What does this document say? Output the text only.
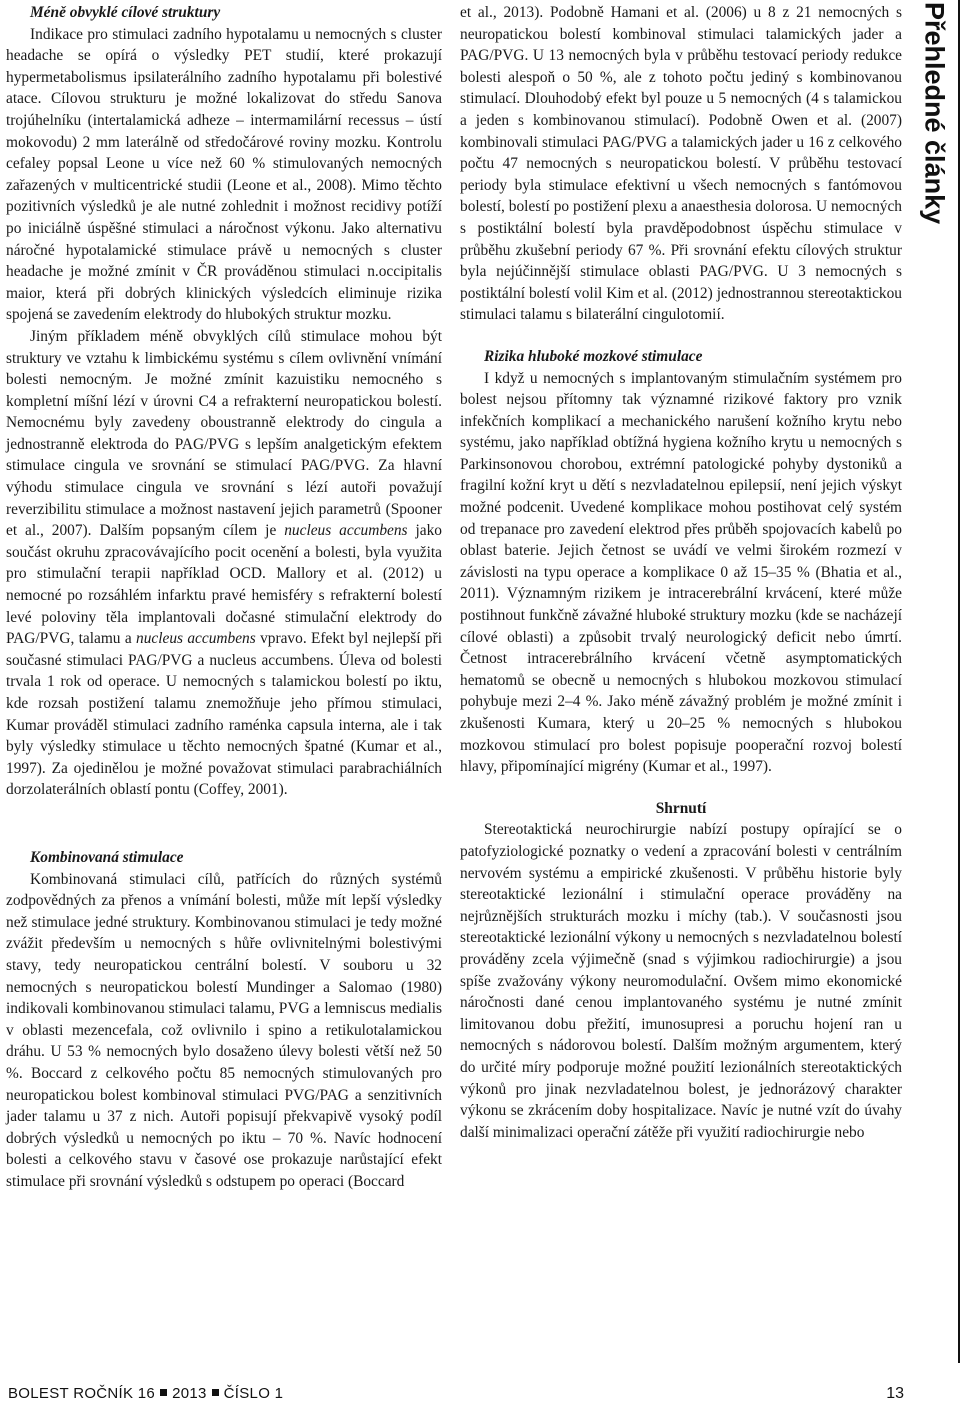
Méně obvyklé cílové struktury

Indikace pro stimulaci zadního hypotalamu u nemocných s cluster headache se opírá o výsledky PET studií, které prokazují hypermetabolismus ipsilaterálního zadního hypotalamu při bolestivé atace. Cílovou strukturu je možné lokalizovat do středu Sanova trojúhelníku (intertalamická adheze – intermamilární recessus – ústí mokovodu) 2 mm laterálně od středočárové roviny mozku. Kontrolu cefaley popsal Leone u více než 60 % stimulovaných nemocných zařazených v multicentrické studii (Leone et al., 2008). Mimo těchto pozitivních výsledků je ale nutné zohlednit i možnost recidivy potíží po iniciálně úspěšné stimulaci a náročnost výkonu. Jako alternativu náročné hypotalamické stimulace právě u nemocných s cluster headache je možné zmínit v ČR prováděnou stimulaci n.occipitalis maior, která při dobrých klinických výsledcích eliminuje rizika spojená se zavedením elektrody do hlubokých struktur mozku.

Jiným příkladem méně obvyklých cílů stimulace mohou být struktury ve vztahu k limbickému systému s cílem ovlivnění vnímání bolesti nemocným. Je možné zmínit kazuistiku nemocného s kompletní míšní lézí v úrovni C4 a refrakterní neuropatickou bolestí. Nemocnému byly zavedeny oboustranně elektrody do cingula a jednostranně elektroda do PAG/PVG s lepším analgetickým efektem stimulace cingula ve srovnání se stimulací PAG/PVG. Za hlavní výhodu stimulace cingula ve srovnání s lézí autoři považují reverzibilitu stimulace a možnost nastavení jejich parametrů (Spooner et al., 2007). Dalším popsaným cílem je nucleus accumbens jako součást okruhu zpracovávajícího pocit ocenění a bolesti, byla využita pro stimulační terapii například OCD. Mallory et al. (2012) u nemocné po rozsáhlém infarktu pravé hemisféry s refrakterní bolestí levé poloviny těla implantovali dočasné stimulační elektrody do PAG/PVG, talamu a nucleus accumbens vpravo. Efekt byl nejlepší při současné stimulaci PAG/PVG a nucleus accumbens. Úleva od bolesti trvala 1 rok od operace. U nemocných s talamickou bolestí po iktu, kde rozsah postižení talamu znemožňuje jeho přímou stimulaci, Kumar prováděl stimulaci zadního raménka capsula interna, ale i tak byly výsledky stimulace u těchto nemocných špatné (Kumar et al., 1997). Za ojedinělou je možné považovat stimulaci parabrachiálních dorzolaterálních oblastí pontu (Coffey, 2001).

Kombinovaná stimulace

Kombinovaná stimulaci cílů, patřících do různých systémů zodpovědných za přenos a vnímání bolesti, může mít lepší výsledky než stimulace jedné struktury. Kombinovanou stimulaci je tedy možné zvážit především u nemocných s hůře ovlivnitelnými bolestivými stavy, tedy neuropatickou centrální bolestí. V souboru u 32 nemocných s neuropatickou bolestí Mundinger a Salomao (1980) indikovali kombinovanou stimulaci talamu, PVG a lemniscus medialis v oblasti mezencefala, což ovlivnilo i spino a retikulotalamickou dráhu. U 53 % nemocných bylo dosaženo úlevy bolesti větší než 50 %. Boccard z celkového počtu 85 nemocných stimulovaných pro neuropatickou bolest kombinoval stimulaci PVG/PAG a senzitivních jader talamu u 37 z nich. Autoři popisují překvapivě vysoký podíl dobrých výsledků u nemocných po iktu – 70 %. Navíc hodnocení bolesti a celkového stavu v časové ose prokazuje narůstající efekt stimulace při srovnání výsledků s odstupem po operaci (Boccard

et al., 2013). Podobně Hamani et al. (2006) u 8 z 21 nemocných s neuropatickou bolestí kombinoval stimulaci talamických jader a PAG/PVG. U 13 nemocných byla v průběhu testovací periody redukce bolesti alespoň o 50 %, ale z tohoto počtu jediný s kombinovanou stimulací. Dlouhodobý efekt byl pouze u 5 nemocných (4 s talamickou a jeden s kombinovanou stimulací). Podobně Owen et al. (2007) kombinovali stimulaci PAG/PVG a talamických jader u 16 z celkového počtu 47 nemocných s neuropatickou bolestí. V průběhu testovací periody byla stimulace efektivní u všech nemocných s fantómovou bolestí, bolestí po postižení plexu a anaesthesia dolorosa. U nemocných s postiktální bolestí byla pravděpodobnost úspěchu stimulace v průběhu zkušební periody 67 %. Při srovnání efektu cílových struktur byla nejúčinnější stimulace oblasti PAG/PVG. U 3 nemocných s postiktální bolestí volil Kim et al. (2012) jednostrannou stereotaktickou stimulaci talamu s bilaterální cingulotomií.

Rizika hluboké mozkové stimulace

I když u nemocných s implantovaným stimulačním systémem pro bolest nejsou přítomny tak významné rizikové faktory pro vznik infekčních komplikací a mechanického narušení kožního krytu nebo systému, jako například obtížná hygiena kožního krytu u nemocných s Parkinsonovou chorobou, extrémní patologické pohyby dystoniků a fragilní kožní kryt u dětí s nezvladatelnou epilepsií, není jejich výskyt možné podcenit. Uvedené komplikace mohou postihovat celý systém od trepanace pro zavedení elektrod přes průběh spojovacích kabelů po oblast baterie. Jejich četnost se uvádí ve velmi širokém rozmezí v závislosti na typu operace a komplikace 0 až 15–35 % (Bhatia et al., 2011). Významným rizikem je intracerebrální krvácení, které může postihnout funkčně závažné hluboké struktury mozku (kde se nacházejí cílové oblasti) a způsobit trvalý neurologický deficit nebo úmrtí. Četnost intracerebrálního krvácení včetně asymptomatických hematomů se obecně u nemocných s hlubokou mozkovou stimulací pohybuje mezi 2–4 %. Jako méně závažný problém je možné zmínit i zkušenosti Kumara, který u 20–25 % nemocných s hlubokou mozkovou stimulací pro bolest popisuje pooperační rozvoj bolestí hlavy, připomínající migrény (Kumar et al., 1997).

Shrnutí

Stereotaktická neurochirurgie nabízí postupy opírající se o patofyziologické poznatky o vedení a zpracování bolesti v centrálním nervovém systému a empirické zkušenosti. V průběhu historie byly stereotaktické lezionální i stimulační operace prováděny na nejrůznějších strukturách mozku i míchy (tab.). V současnosti jsou stereotaktické lezionální výkony u nemocných s nezvladatelnou bolestí prováděny zcela výjimečně (snad s výjimkou radiochirurgie) a jsou spíše zvažovány výkony neuromodulační. Ovšem mimo ekonomické náročnosti dané cenou implantovaného systému je nutné zmínit limitovanou dobu přežití, imunosupresi a poruchu hojení ran u nemocných s nádorovou bolestí. Dalším možným argumentem, který do určité míry podporuje možné použití lezionálních stereotaktických výkonů pro jinak nezvladatelnou bolest, je jednorázový charakter výkonu se zkrácením doby hospitalizace. Navíc je nutné vzít do úvahy další minimalizaci operační zátěže při využití radiochirurgie nebo

Přehledné články
BOLEST ROČNÍK 16 2013 ČÍSLO 1	13
